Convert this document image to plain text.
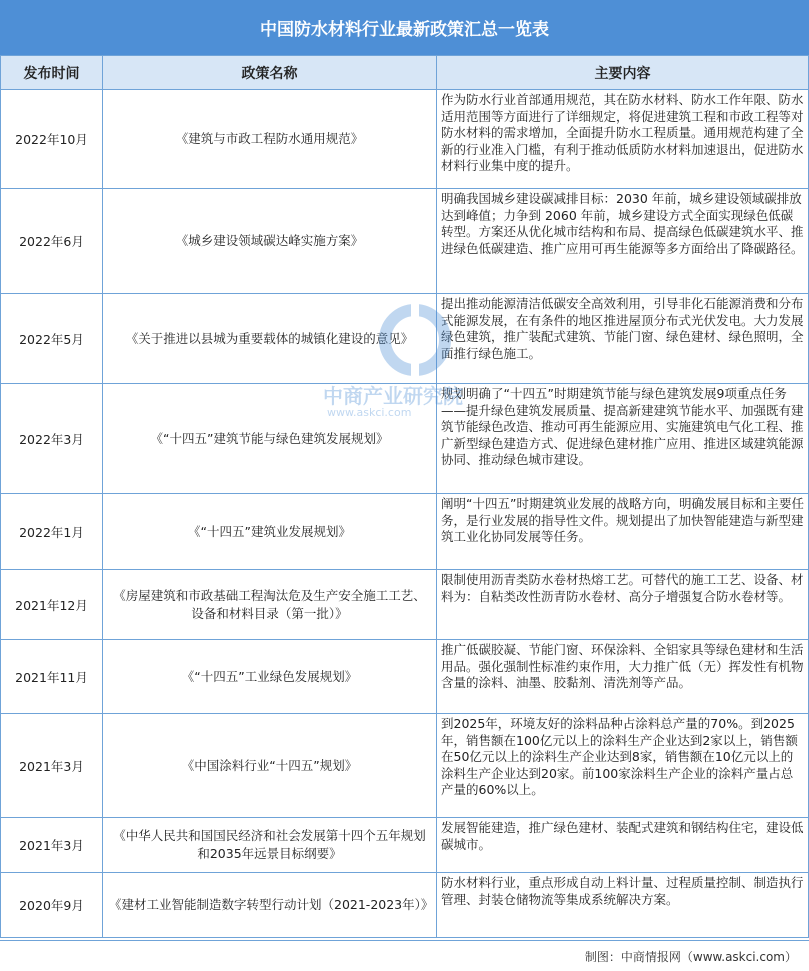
中国防水材料行业最新政策汇总一览表
发布时间	政策名称	主要内容
2022年10月	《建筑与市政工程防水通用规范》	作为防水行业首部通用规范，其在防水材料、防水工作年限、防水适用范围等方面进行了详细规定，将促进建筑工程和市政工程等对防水材料的需求增加，全面提升防水工程质量。通用规范构建了全新的行业准入门槛，有利于推动低质防水材料加速退出，促进防水材料行业集中度的提升。
2022年6月	《城乡建设领域碳达峰实施方案》	明确我国城乡建设碳减排目标：2030 年前，城乡建设领域碳排放达到峰值；力争到 2060 年前，城乡建设方式全面实现绿色低碳转型。方案还从优化城市结构和布局、提高绿色低碳建筑水平、推进绿色低碳建造、推广应用可再生能源等多方面给出了降碳路径。
2022年5月	《关于推进以县城为重要载体的城镇化建设的意见》	提出推动能源清洁低碳安全高效利用，引导非化石能源消费和分布式能源发展，在有条件的地区推进屋顶分布式光伏发电。大力发展绿色建筑，推广装配式建筑、节能门窗、绿色建材、绿色照明，全面推行绿色施工。
2022年3月	《“十四五”建筑节能与绿色建筑发展规划》	规划明确了“十四五”时期建筑节能与绿色建筑发展9项重点任务——提升绿色建筑发展质量、提高新建建筑节能水平、加强既有建筑节能绿色改造、推动可再生能源应用、实施建筑电气化工程、推广新型绿色建造方式、促进绿色建材推广应用、推进区域建筑能源协同、推动绿色城市建设。
2022年1月	《“十四五”建筑业发展规划》	阐明“十四五”时期建筑业发展的战略方向，明确发展目标和主要任务，是行业发展的指导性文件。规划提出了加快智能建造与新型建筑工业化协同发展等任务。
2021年12月	《房屋建筑和市政基础工程淘汰危及生产安全施工工艺、设备和材料目录（第一批）》	限制使用沥青类防水卷材热熔工艺。可替代的施工工艺、设备、材料为：自粘类改性沥青防水卷材、高分子增强复合防水卷材等。
2021年11月	《“十四五”工业绿色发展规划》	推广低碳胶凝、节能门窗、环保涂料、全铝家具等绿色建材和生活用品。强化强制性标准约束作用，大力推广低（无）挥发性有机物含量的涂料、油墨、胶黏剂、清洗剂等产品。
2021年3月	《中国涂料行业“十四五”规划》	到2025年，环境友好的涂料品种占涂料总产量的70%。到2025年，销售额在100亿元以上的涂料生产企业达到2家以上，销售额在50亿元以上的涂料生产企业达到8家，销售额在10亿元以上的涂料生产企业达到20家。前100家涂料生产企业的涂料产量占总产量的60%以上。
2021年3月	《中华人民共和国国民经济和社会发展第十四个五年规划和2035年远景目标纲要》	发展智能建造，推广绿色建材、装配式建筑和钢结构住宅，建设低碳城市。
2020年9月	《建材工业智能制造数字转型行动计划（2021-2023年）》	防水材料行业，重点形成自动上料计量、过程质量控制、制造执行管理、封装仓储物流等集成系统解决方案。
中商产业研究院
www.askci.com
制图：中商情报网（www.askci.com）
